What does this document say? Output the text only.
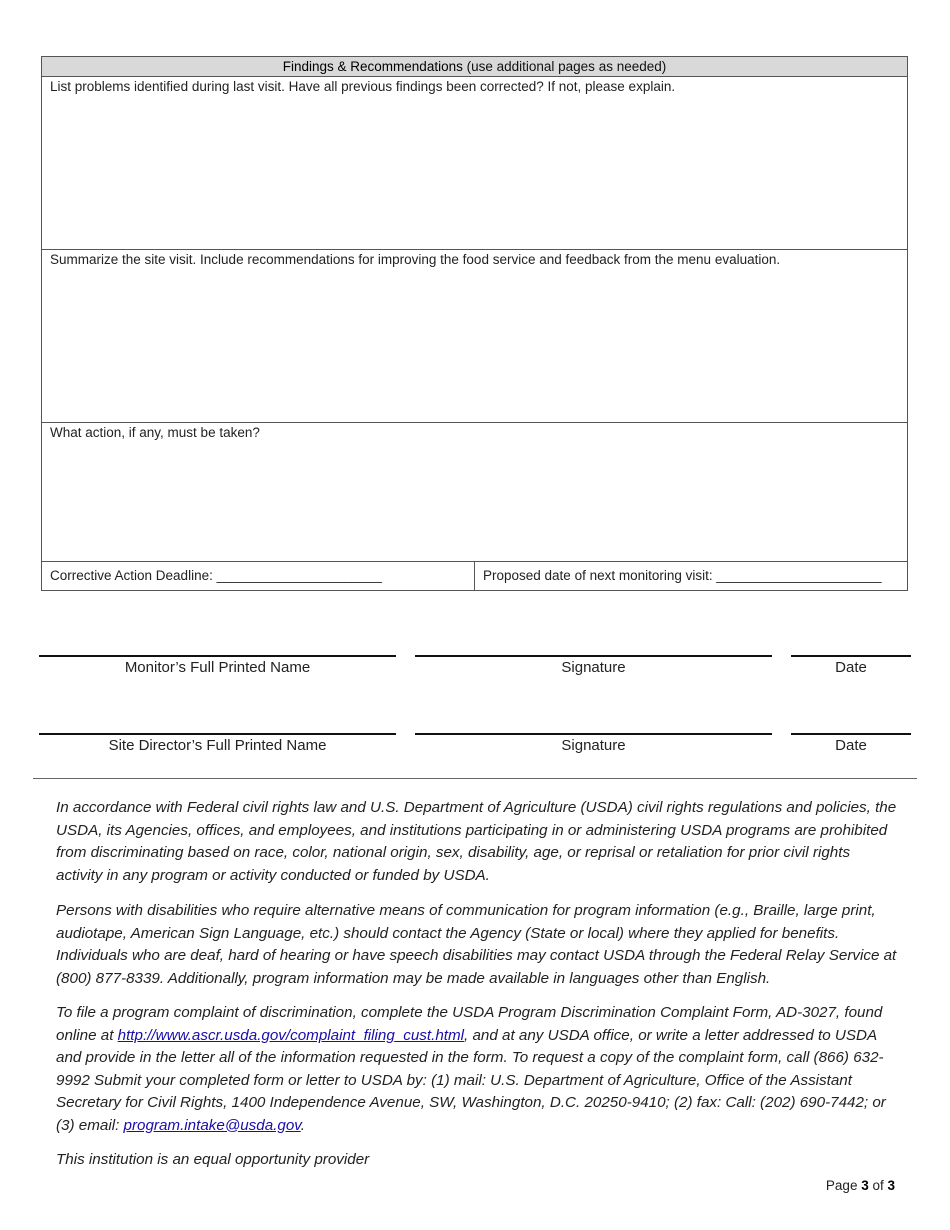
Findings & Recommendations (use additional pages as needed)
List problems identified during last visit. Have all previous findings been corrected? If not, please explain.
Summarize the site visit. Include recommendations for improving the food service and feedback from the menu evaluation.
What action, if any, must be taken?
Corrective Action Deadline: ______________________	Proposed date of next monitoring visit: ______________________
Monitor’s Full Printed Name	Signature	Date
Site Director’s Full Printed Name	Signature	Date

In accordance with Federal civil rights law and U.S. Department of Agriculture (USDA) civil rights regulations and policies, the USDA, its Agencies, offices, and employees, and institutions participating in or administering USDA programs are prohibited from discriminating based on race, color, national origin, sex, disability, age, or reprisal or retaliation for prior civil rights activity in any program or activity conducted or funded by USDA.

Persons with disabilities who require alternative means of communication for program information (e.g., Braille, large print, audiotape, American Sign Language, etc.) should contact the Agency (State or local) where they applied for benefits. Individuals who are deaf, hard of hearing or have speech disabilities may contact USDA through the Federal Relay Service at (800) 877-8339. Additionally, program information may be made available in languages other than English.

To file a program complaint of discrimination, complete the USDA Program Discrimination Complaint Form, AD-3027, found online at http://www.ascr.usda.gov/complaint_filing_cust.html, and at any USDA office, or write a letter addressed to USDA and provide in the letter all of the information requested in the form. To request a copy of the complaint form, call (866) 632-9992 Submit your completed form or letter to USDA by: (1) mail: U.S. Department of Agriculture, Office of the Assistant Secretary for Civil Rights, 1400 Independence Avenue, SW, Washington, D.C. 20250-9410; (2) fax: Call: (202) 690-7442; or (3) email: program.intake@usda.gov.

This institution is an equal opportunity provider

Page 3 of 3
